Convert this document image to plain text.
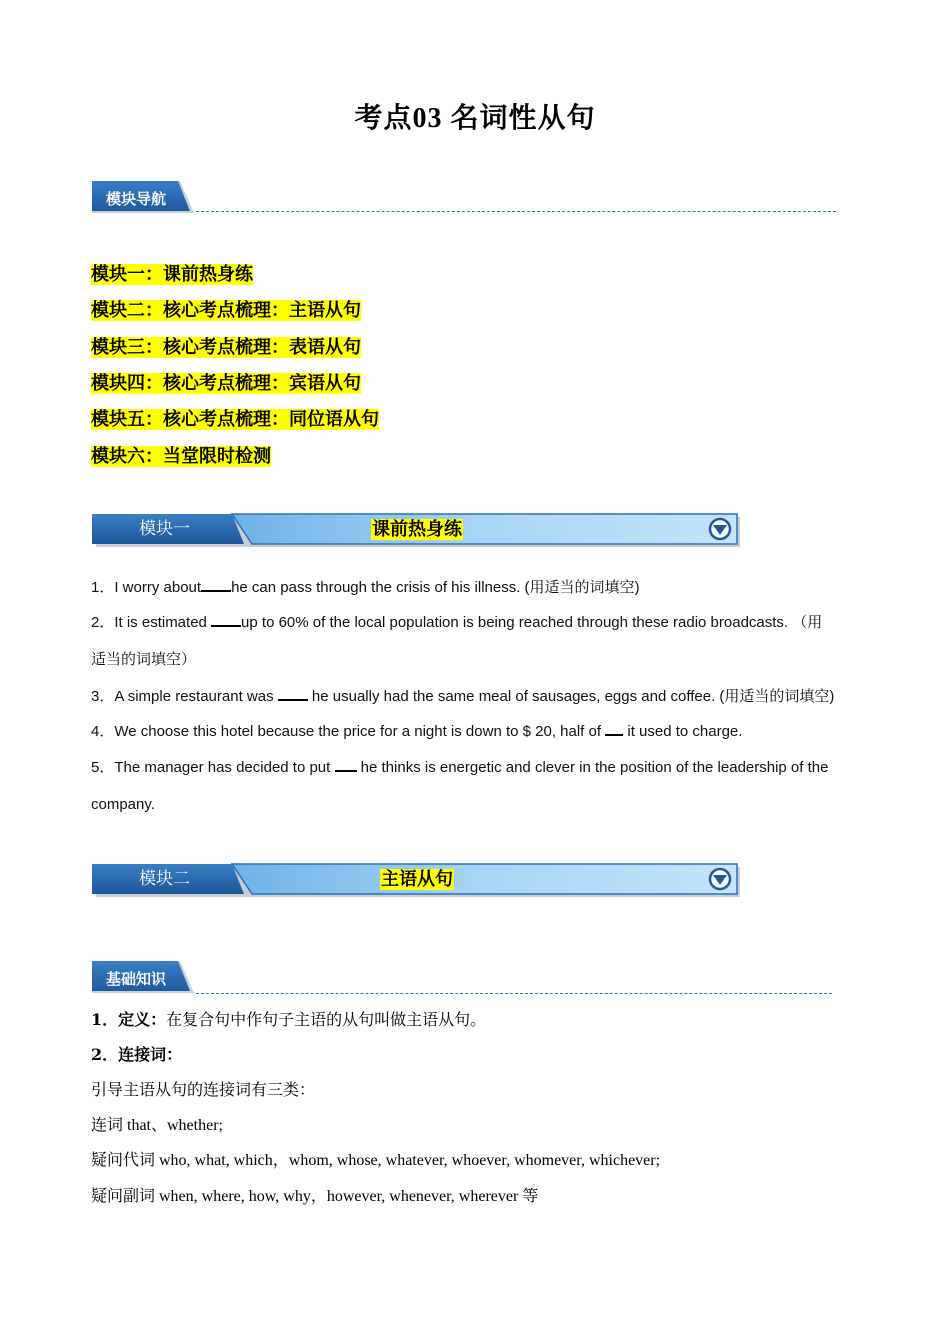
考点03 名词性从句
模块导航
模块一：课前热身练
模块二：核心考点梳理：主语从句
模块三：核心考点梳理：表语从句
模块四：核心考点梳理：宾语从句
模块五：核心考点梳理：同位语从句
模块六：当堂限时检测
模块一	课前热身练
1．I worry about he can pass through the crisis of his illness. (用适当的词填空)
2．It is estimated up to 60% of the local population is being reached through these radio broadcasts. （用
适当的词填空）
3．A simple restaurant was  he usually had the same meal of sausages, eggs and coffee. (用适当的词填空)
4．We choose this hotel because the price for a night is down to $ 20, half of  it used to charge.
5．The manager has decided to put  he thinks is energetic and clever in the position of the leadership of the
company.
模块二	主语从句
基础知识
1．定义：在复合句中作句子主语的从句叫做主语从句。
2．连接词：
引导主语从句的连接词有三类：
连词 that、whether;
疑问代词 who, what, which，whom, whose, whatever, whoever, whomever, whichever;
疑问副词 when, where, how, why，however, whenever, wherever 等
